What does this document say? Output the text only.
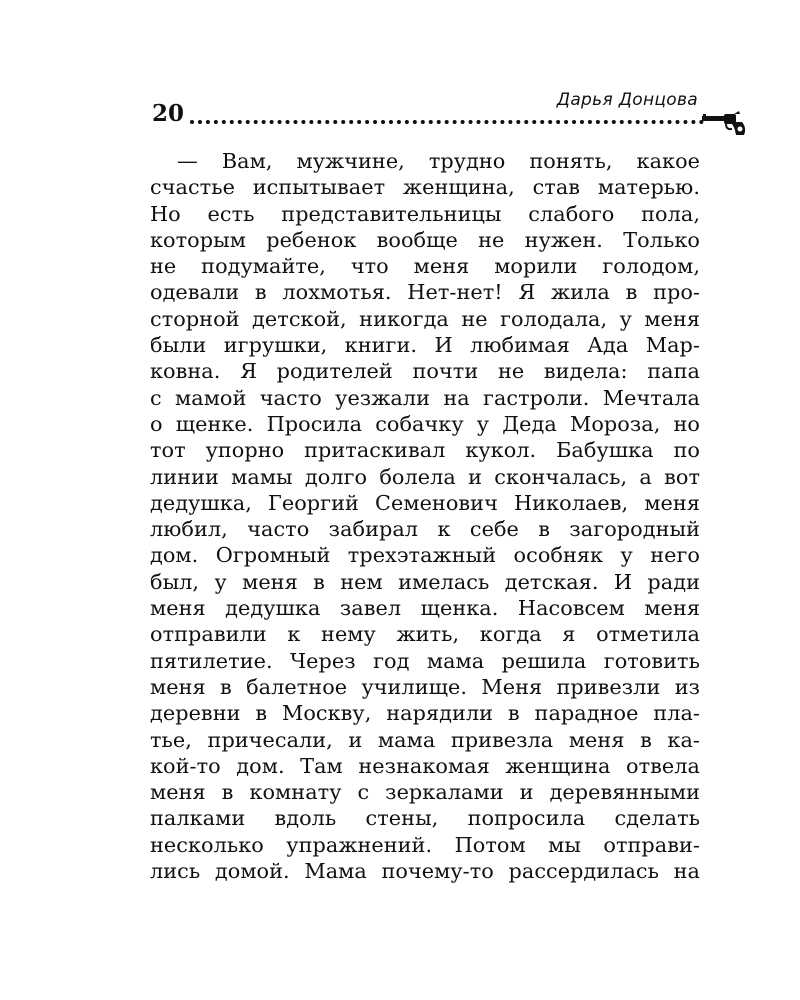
20	Дарья Донцова
— Вам, мужчине, трудно понять, какое
счастье испытывает женщина, став матерью.
Но есть представительницы слабого пола,
которым ребенок вообще не нужен. Только
не подумайте, что меня морили голодом,
одевали в лохмотья. Нет-нет! Я жила в про-
сторной детской, никогда не голодала, у меня
были игрушки, книги. И любимая Ада Мар-
ковна. Я родителей почти не видела: папа
с мамой часто уезжали на гастроли. Мечтала
о щенке. Просила собачку у Деда Мороза, но
тот упорно притаскивал кукол. Бабушка по
линии мамы долго болела и скончалась, а вот
дедушка, Георгий Семенович Николаев, меня
любил, часто забирал к себе в загородный
дом. Огромный трехэтажный особняк у него
был, у меня в нем имелась детская. И ради
меня дедушка завел щенка. Насовсем меня
отправили к нему жить, когда я отметила
пятилетие. Через год мама решила готовить
меня в балетное училище. Меня привезли из
деревни в Москву, нарядили в парадное пла-
тье, причесали, и мама привезла меня в ка-
кой-то дом. Там незнакомая женщина отвела
меня в комнату с зеркалами и деревянными
палками вдоль стены, попросила сделать
несколько упражнений. Потом мы отправи-
лись домой. Мама почему-то рассердилась на
